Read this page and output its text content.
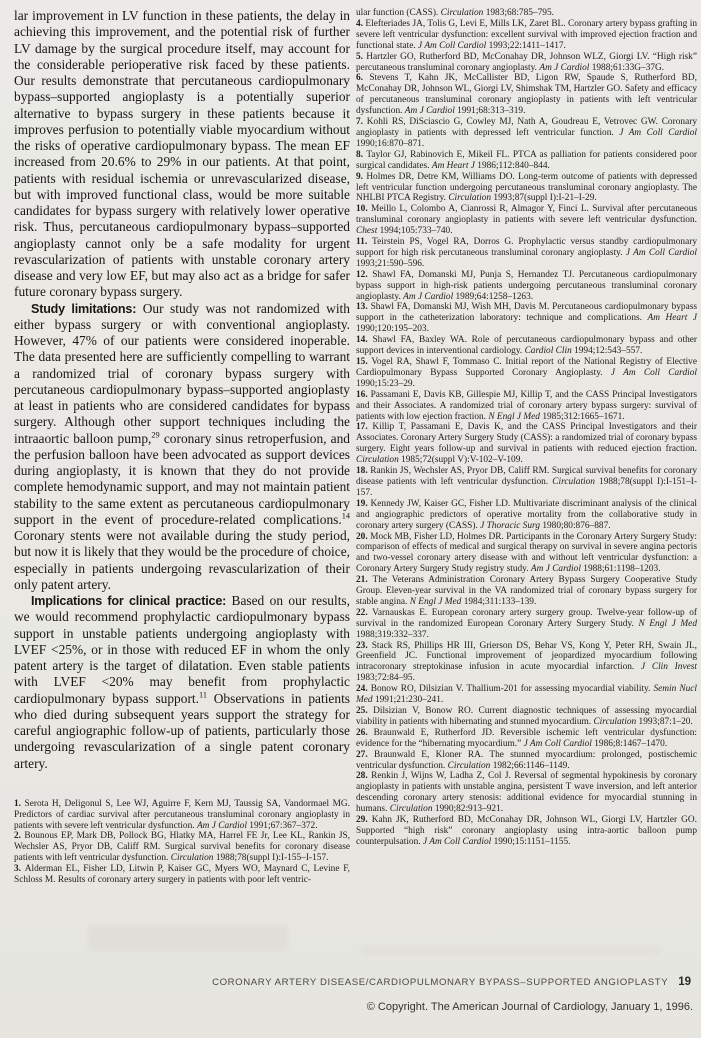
lar improvement in LV function in these patients, the delay in achieving this improvement, and the potential risk of further LV damage by the surgical procedure itself, may account for the considerable perioperative risk faced by these patients. Our results demonstrate that percutaneous cardiopulmonary bypass–supported angioplasty is a potentially superior alternative to bypass surgery in these patients because it improves perfusion to potentially viable myocardium without the risks of operative cardiopulmonary bypass. The mean EF increased from 20.6% to 29% in our patients. At that point, patients with residual ischemia or unrevascularized disease, but with improved functional class, would be more suitable candidates for bypass surgery with relatively lower operative risk. Thus, percutaneous cardiopulmonary bypass–supported angioplasty cannot only be a safe modality for urgent revascularization of patients with unstable coronary artery disease and very low EF, but may also act as a bridge for safer future coronary bypass surgery.

Study limitations: Our study was not randomized with either bypass surgery or with conventional angioplasty. However, 47% of our patients were considered inoperable. The data presented here are sufficiently compelling to warrant a randomized trial of coronary bypass surgery with percutaneous cardiopulmonary bypass–supported angioplasty at least in patients who are considered candidates for bypass surgery. Although other support techniques including the intraaortic balloon pump,$^{29}$ coronary sinus retroperfusion, and the perfusion balloon have been advocated as support devices during angioplasty, it is known that they do not provide complete hemodynamic support, and may not maintain patient stability to the same extent as percutaneous cardiopulmonary support in the event of procedure-related complications.$^{14}$ Coronary stents were not available during the study period, but now it is likely that they would be the procedure of choice, especially in patients undergoing revascularization of their only patent artery.

Implications for clinical practice: Based on our results, we would recommend prophylactic cardiopulmonary bypass support in unstable patients undergoing angioplasty with LVEF <25%, or in those with reduced EF in whom the only patent artery is the target of dilatation. Even stable patients with LVEF <20% may benefit from prophylactic cardiopulmonary bypass support.$^{11}$ Observations in patients who died during subsequent years support the strategy for careful angiographic follow-up of patients, particularly those undergoing revascularization of a single patent coronary artery.

1. Serota H, Deligonul S, Lee WJ, Aguirre F, Kern MJ, Taussig SA, Vandormael MG. Predictors of cardiac survival after percutaneous transluminal coronary angioplasty in patients with severe left ventricular dysfunction. Am J Cardiol 1991;67:367–372.

2. Bounous EP, Mark DB, Pollock BG, Hlatky MA, Harrel FE Jr, Lee KL, Rankin JS, Wechsler AS, Pryor DB, Califf RM. Surgical survival benefits for coronary disease patients with left ventricular dysfunction. Circulation 1988;78(suppl I):I-155–I-157.

3. Alderman EL, Fisher LD, Litwin P, Kaiser GC, Myers WO, Maynard C, Levine F, Schloss M. Results of coronary artery surgery in patients with poor left ventric-

ular function (CASS). Circulation 1983;68:785–795.

4. Elefteriades JA, Tolis G, Levi E, Mills LK, Zaret BL. Coronary artery bypass grafting in severe left ventricular dysfunction: excellent survival with improved ejection fraction and functional state. J Am Coll Cardiol 1993;22:1411–1417.

5. Hartzler GO, Rutherford BD, McConahay DR, Johnson WLZ, Giorgi LV. “High risk” percutaneous transluminal coronary angioplasty. Am J Cardiol 1988;61:33G–37G.

6. Stevens T, Kahn JK, McCallister BD, Ligon RW, Spaude S, Rutherford BD, McConahay DR, Johnson WL, Giorgi LV, Shimshak TM, Hartzler GO. Safety and efficacy of percutaneous transluminal coronary angioplasty in patients with left ventricular dysfunction. Am J Cardiol 1991;68:313–319.

7. Kohli RS, DiSciascio G, Cowley MJ, Nath A, Goudreau E, Vetrovec GW. Coronary angioplasty in patients with depressed left ventricular function. J Am Coll Cardiol 1990;16:870–871.

8. Taylor GJ, Rabinovich E, Mikeil FL. PTCA as palliation for patients considered poor surgical candidates. Am Heart J 1986;112:840–844.

9. Holmes DR, Detre KM, Williams DO. Long-term outcome of patients with depressed left ventricular function undergoing percutaneous transluminal coronary angioplasty. The NHLBI PTCA Registry. Circulation 1993;87(suppl I):I-21–I-29.

10. Meillo L, Colombo A, Cianrossi R, Almagor Y, Finci L. Survival after percutaneous transluminal coronary angioplasty in patients with severe left ventricular dysfunction. Chest 1994;105:733–740.

11. Teirstein PS, Vogel RA, Dorros G. Prophylactic versus standby cardiopulmonary support for high risk percutaneous transluminal coronary angioplasty. J Am Coll Cardiol 1993;21:590–596.

12. Shawl FA, Domanski MJ, Punja S, Hernandez TJ. Percutaneous cardiopulmonary bypass support in high-risk patients undergoing percutaneous transluminal coronary angioplasty. Am J Cardiol 1989;64:1258–1263.

13. Shawl FA, Domanski MJ, Wish MH, Davis M. Percutaneous cardiopulmonary bypass support in the catheterization laboratory: technique and complications. Am Heart J 1990;120:195–203.

14. Shawl FA, Baxley WA. Role of percutaneous cardiopulmonary bypass and other support devices in interventional cardiology. Cardiol Clin 1994;12:543–557.

15. Vogel RA, Shawl F, Tommaso C. Initial report of the National Registry of Elective Cardiopulmonary Bypass Supported Coronary Angioplasty. J Am Coll Cardiol 1990;15:23–29.

16. Passamani E, Davis KB, Gillespie MJ, Killip T, and the CASS Principal Investigators and their Associates. A randomized trial of coronary artery bypass surgery: survival of patients with low ejection fraction. N Engl J Med 1985;312:1665–1671.

17. Killip T, Passamani E, Davis K, and the CASS Principal Investigators and their Associates. Coronary Artery Surgery Study (CASS): a randomized trial of coronary bypass surgery. Eight years follow-up and survival in patients with reduced ejection fraction. Circulation 1985;72(suppl V):V-102–V-109.

18. Rankin JS, Wechsler AS, Pryor DB, Califf RM. Surgical survival benefits for coronary disease patients with left ventricular dysfunction. Circulation 1988;78(suppl I):I-151–I-157.

19. Kennedy JW, Kaiser GC, Fisher LD. Multivariate discriminant analysis of the clinical and angiographic predictors of operative mortality from the collaborative study in coronary artery surgery (CASS). J Thoracic Surg 1980;80:876–887.

20. Mock MB, Fisher LD, Holmes DR. Participants in the Coronary Artery Surgery Study: comparison of effects of medical and surgical therapy on survival in severe angina pectoris and two-vessel coronary artery disease with and without left ventricular dysfunction: a Coronary Artery Surgery Study registry study. Am J Cardiol 1988;61:1198–1203.

21. The Veterans Administration Coronary Artery Bypass Surgery Cooperative Study Group. Eleven-year survival in the VA randomized trial of coronary bypass surgery for stable angina. N Engl J Med 1984;311:133–139.

22. Varnauskas E. European coronary artery surgery group. Twelve-year follow-up of survival in the randomized European Coronary Artery Surgery Study. N Engl J Med 1988;319:332–337.

23. Stack RS, Phillips HR III, Grierson DS, Behar VS, Kong Y, Peter RH, Swain JL, Greenfield JC. Functional improvement of jeopardized myocardium following intracoronary streptokinase infusion in acute myocardial infarction. J Clin Invest 1983;72:84–95.

24. Bonow RO, Dilsizian V. Thallium-201 for assessing myocardial viability. Semin Nucl Med 1991;21:230–241.

25. Dilsizian V, Bonow RO. Current diagnostic techniques of assessing myocardial viability in patients with hibernating and stunned myocardium. Circulation 1993;87:1–20.

26. Braunwald E, Rutherford JD. Reversible ischemic left ventricular dysfunction: evidence for the “hibernating myocardium.” J Am Coll Cardiol 1986;8:1467–1470.

27. Braunwald E, Kloner RA. The stunned myocardium: prolonged, postischemic ventricular dysfunction. Circulation 1982;66:1146–1149.

28. Renkin J, Wijns W, Ladha Z, Col J. Reversal of segmental hypokinesis by coronary angioplasty in patients with unstable angina, persistent T wave inversion, and left anterior descending coronary artery stenosis: additional evidence for myocardial stunning in humans. Circulation 1990;82:913–921.

29. Kahn JK, Rutherford BD, McConahay DR, Johnson WL, Giorgi LV, Hartzler GO. Supported “high risk” coronary angioplasty using intra-aortic balloon pump counterpulsation. J Am Coll Cardiol 1990;15:1151–1155.

CORONARY ARTERY DISEASE/CARDIOPULMONARY BYPASS–SUPPORTED ANGIOPLASTY 19
© Copyright. The American Journal of Cardiology, January 1, 1996.
